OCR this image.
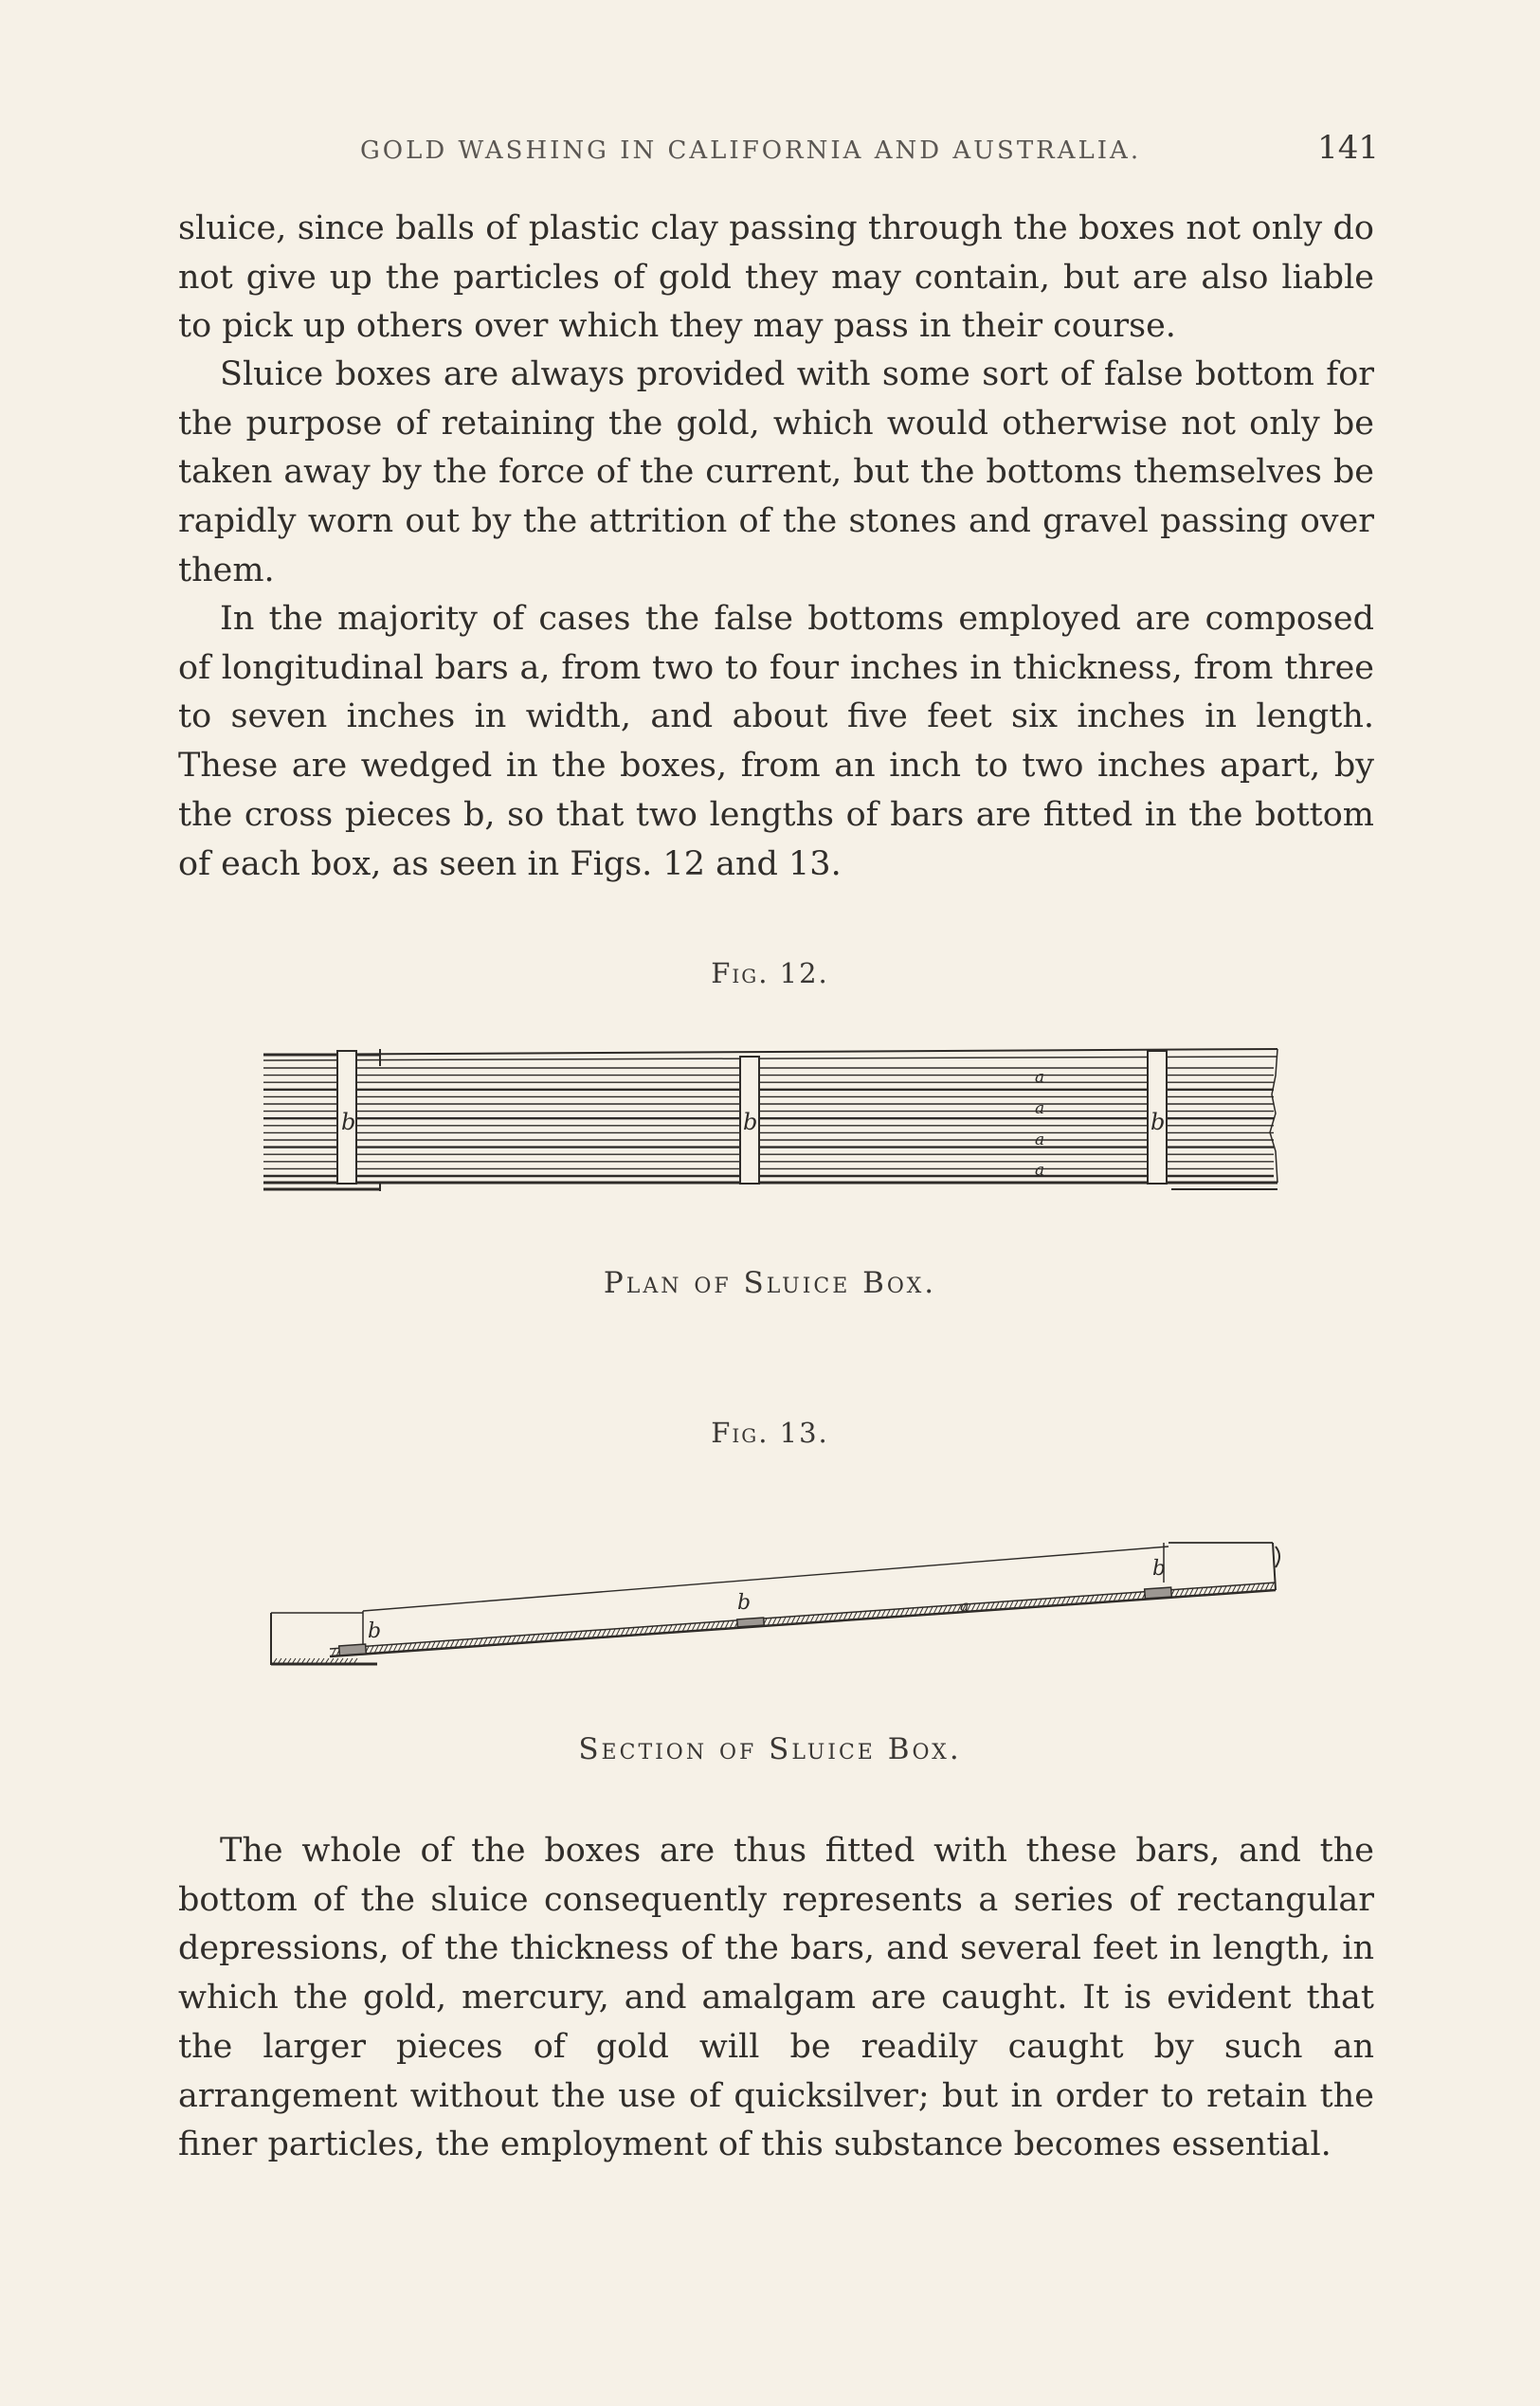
GOLD WASHING IN CALIFORNIA AND AUSTRALIA.	141

sluice, since balls of plastic clay passing through the boxes not only do not give up the particles of gold they may contain, but are also liable to pick up others over which they may pass in their course.

Sluice boxes are always provided with some sort of false bottom for the purpose of retaining the gold, which would otherwise not only be taken away by the force of the current, but the bottoms themselves be rapidly worn out by the attrition of the stones and gravel passing over them.

In the majority of cases the false bottoms employed are composed of longitudinal bars a, from two to four inches in thickness, from three to seven inches in width, and about five feet six inches in length. These are wedged in the boxes, from an inch to two inches apart, by the cross pieces b, so that two lengths of bars are fitted in the bottom of each box, as seen in Figs. 12 and 13.

Fig. 12.
b	b	b
a
a
a
a
Plan of Sluice Box.
Fig. 13.
b
b
b
a
Section of Sluice Box.

The whole of the boxes are thus fitted with these bars, and the bottom of the sluice consequently represents a series of rectangular depressions, of the thickness of the bars, and several feet in length, in which the gold, mercury, and amalgam are caught. It is evident that the larger pieces of gold will be readily caught by such an arrangement without the use of quicksilver; but in order to retain the finer particles, the employment of this substance becomes essential.
